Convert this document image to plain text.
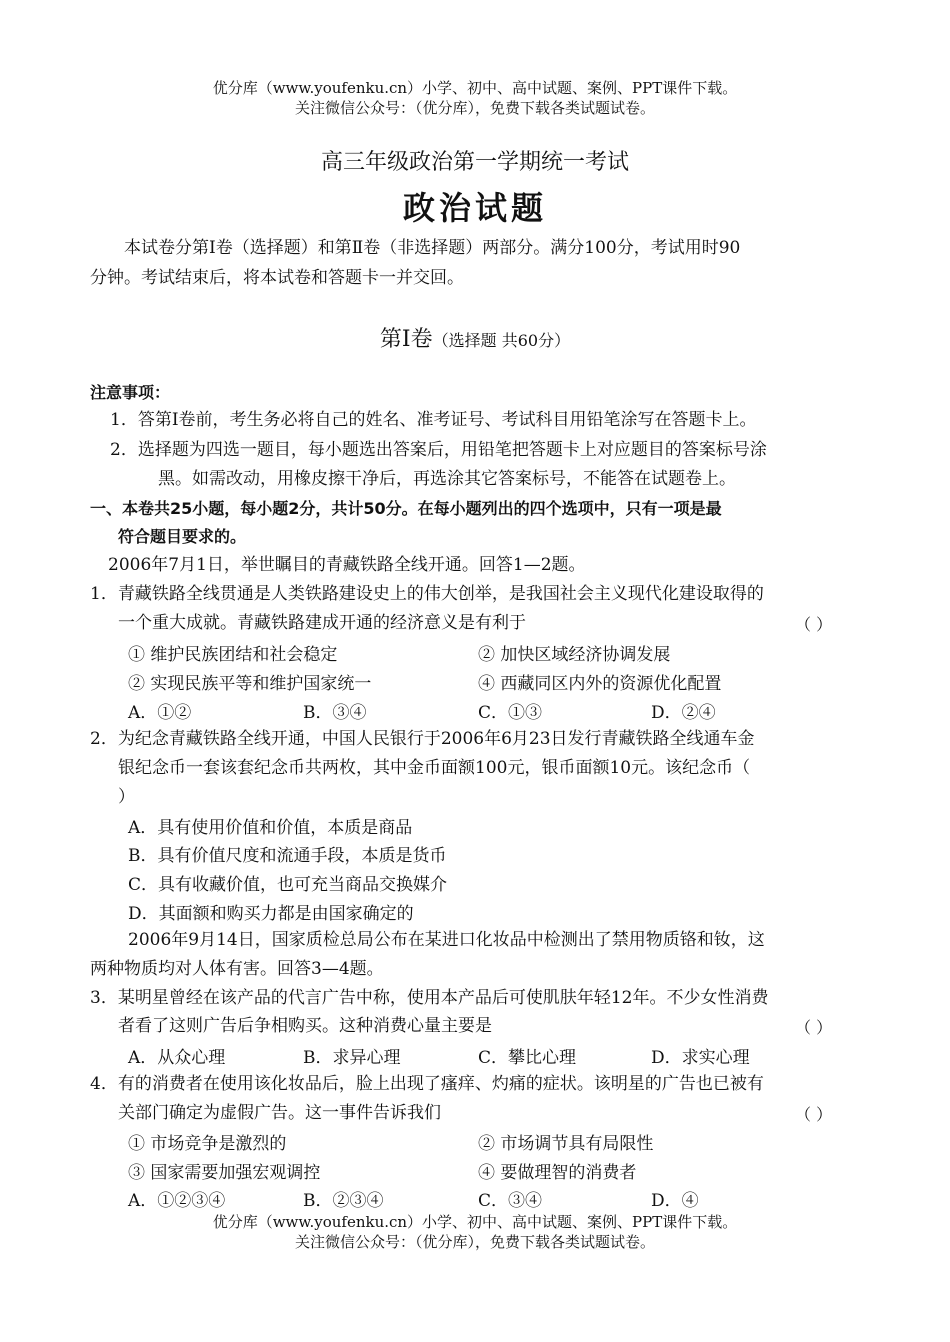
优分库（www.youfenku.cn）小学、初中、高中试题、案例、PPT课件下载。
关注微信公众号：（优分库），免费下载各类试题试卷。
高三年级政治第一学期统一考试
政治试题
本试卷分第Ⅰ卷（选择题）和第Ⅱ卷（非选择题）两部分。满分100分，考试用时90
分钟。考试结束后，将本试卷和答题卡一并交回。
第Ⅰ卷（选择题 共60分）
注意事项：
1．答第Ⅰ卷前，考生务必将自己的姓名、准考证号、考试科目用铅笔涂写在答题卡上。
2．选择题为四选一题目，每小题选出答案后，用铅笔把答题卡上对应题目的答案标号涂
黑。如需改动，用橡皮擦干净后，再选涂其它答案标号，不能答在试题卷上。
一、本卷共25小题，每小题2分，共计50分。在每小题列出的四个选项中，只有一项是最
符合题目要求的。
2006年7月1日，举世瞩目的青藏铁路全线开通。回答1—2题。
1．青藏铁路全线贯通是人类铁路建设史上的伟大创举，是我国社会主义现代化建设取得的
一个重大成就。青藏铁路建成开通的经济意义是有利于	（ ）
① 维护民族团结和社会稳定	② 加快区域经济协调发展
② 实现民族平等和维护国家统一	④ 西藏同区内外的资源优化配置
A．①②	B．③④	C．①③	D．②④
2．为纪念青藏铁路全线开通，中国人民银行于2006年6月23日发行青藏铁路全线通车金
银纪念币一套该套纪念币共两枚，其中金币面额100元，银币面额10元。该纪念币（
）
A．具有使用价值和价值，本质是商品
B．具有价值尺度和流通手段，本质是货币
C．具有收藏价值，也可充当商品交换媒介
D．其面额和购买力都是由国家确定的
2006年9月14日，国家质检总局公布在某进口化妆品中检测出了禁用物质铬和钕，这
两种物质均对人体有害。回答3—4题。
3．某明星曾经在该产品的代言广告中称，使用本产品后可使肌肤年轻12年。不少女性消费
者看了这则广告后争相购买。这种消费心量主要是	（ ）
A．从众心理	B．求异心理	C．攀比心理	D．求实心理
4．有的消费者在使用该化妆品后，脸上出现了瘙痒、灼痛的症状。该明星的广告也已被有
关部门确定为虚假广告。这一事件告诉我们	（ ）
① 市场竞争是激烈的	② 市场调节具有局限性
③ 国家需要加强宏观调控	④ 要做理智的消费者
A．①②③④	B．②③④	C．③④	D．④
优分库（www.youfenku.cn）小学、初中、高中试题、案例、PPT课件下载。
关注微信公众号：（优分库），免费下载各类试题试卷。
